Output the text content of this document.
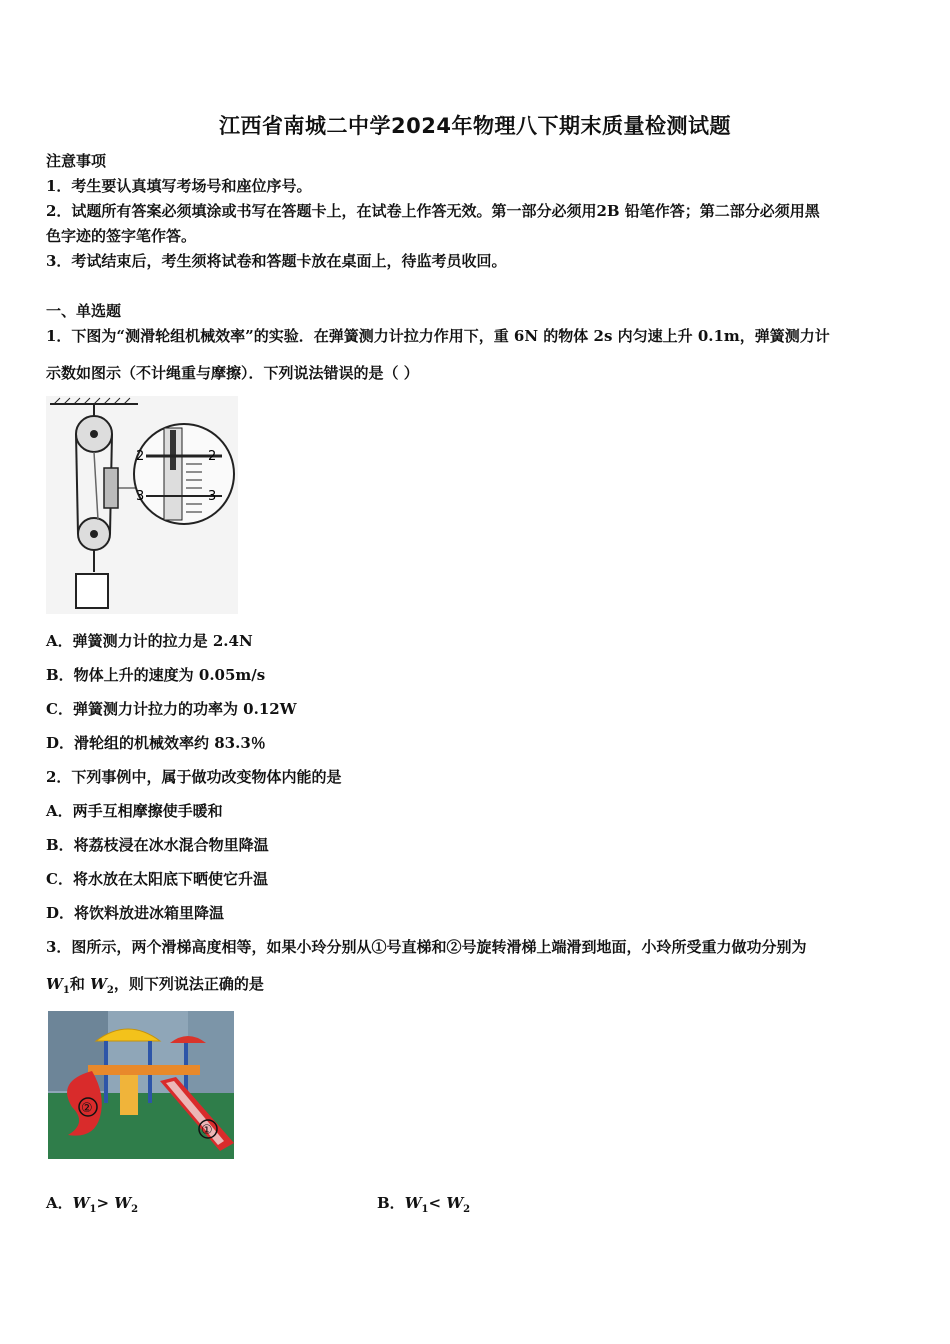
江西省南城二中学2024年物理八下期末质量检测试题
注意事项
1．考生要认真填写考场号和座位序号。
2．试题所有答案必须填涂或书写在答题卡上，在试卷上作答无效。第一部分必须用2B 铅笔作答；第二部分必须用黑
色字迹的签字笔作答。
3．考试结束后，考生须将试卷和答题卡放在桌面上，待监考员收回。
一、单选题
1．下图为“测滑轮组机械效率”的实验．在弹簧测力计拉力作用下，重 6N 的物体 2s 内匀速上升 0.1m，弹簧测力计
示数如图示（不计绳重与摩擦）．下列说法错误的是（ ）
2	2
3	3
A．弹簧测力计的拉力是 2.4N
B．物体上升的速度为 0.05m/s
C．弹簧测力计拉力的功率为 0.12W
D．滑轮组的机械效率约 83.3％
2．下列事例中，属于做功改变物体内能的是
A．两手互相摩擦使手暖和
B．将荔枝浸在冰水混合物里降温
C．将水放在太阳底下晒使它升温
D．将饮料放进冰箱里降温
3．图所示，两个滑梯高度相等，如果小玲分别从①号直梯和②号旋转滑梯上端滑到地面，小玲所受重力做功分别为
$W_1$和 $W_2$，则下列说法正确的是
②
①
A．$W_1> W_2$	B．$W_1< W_2$
